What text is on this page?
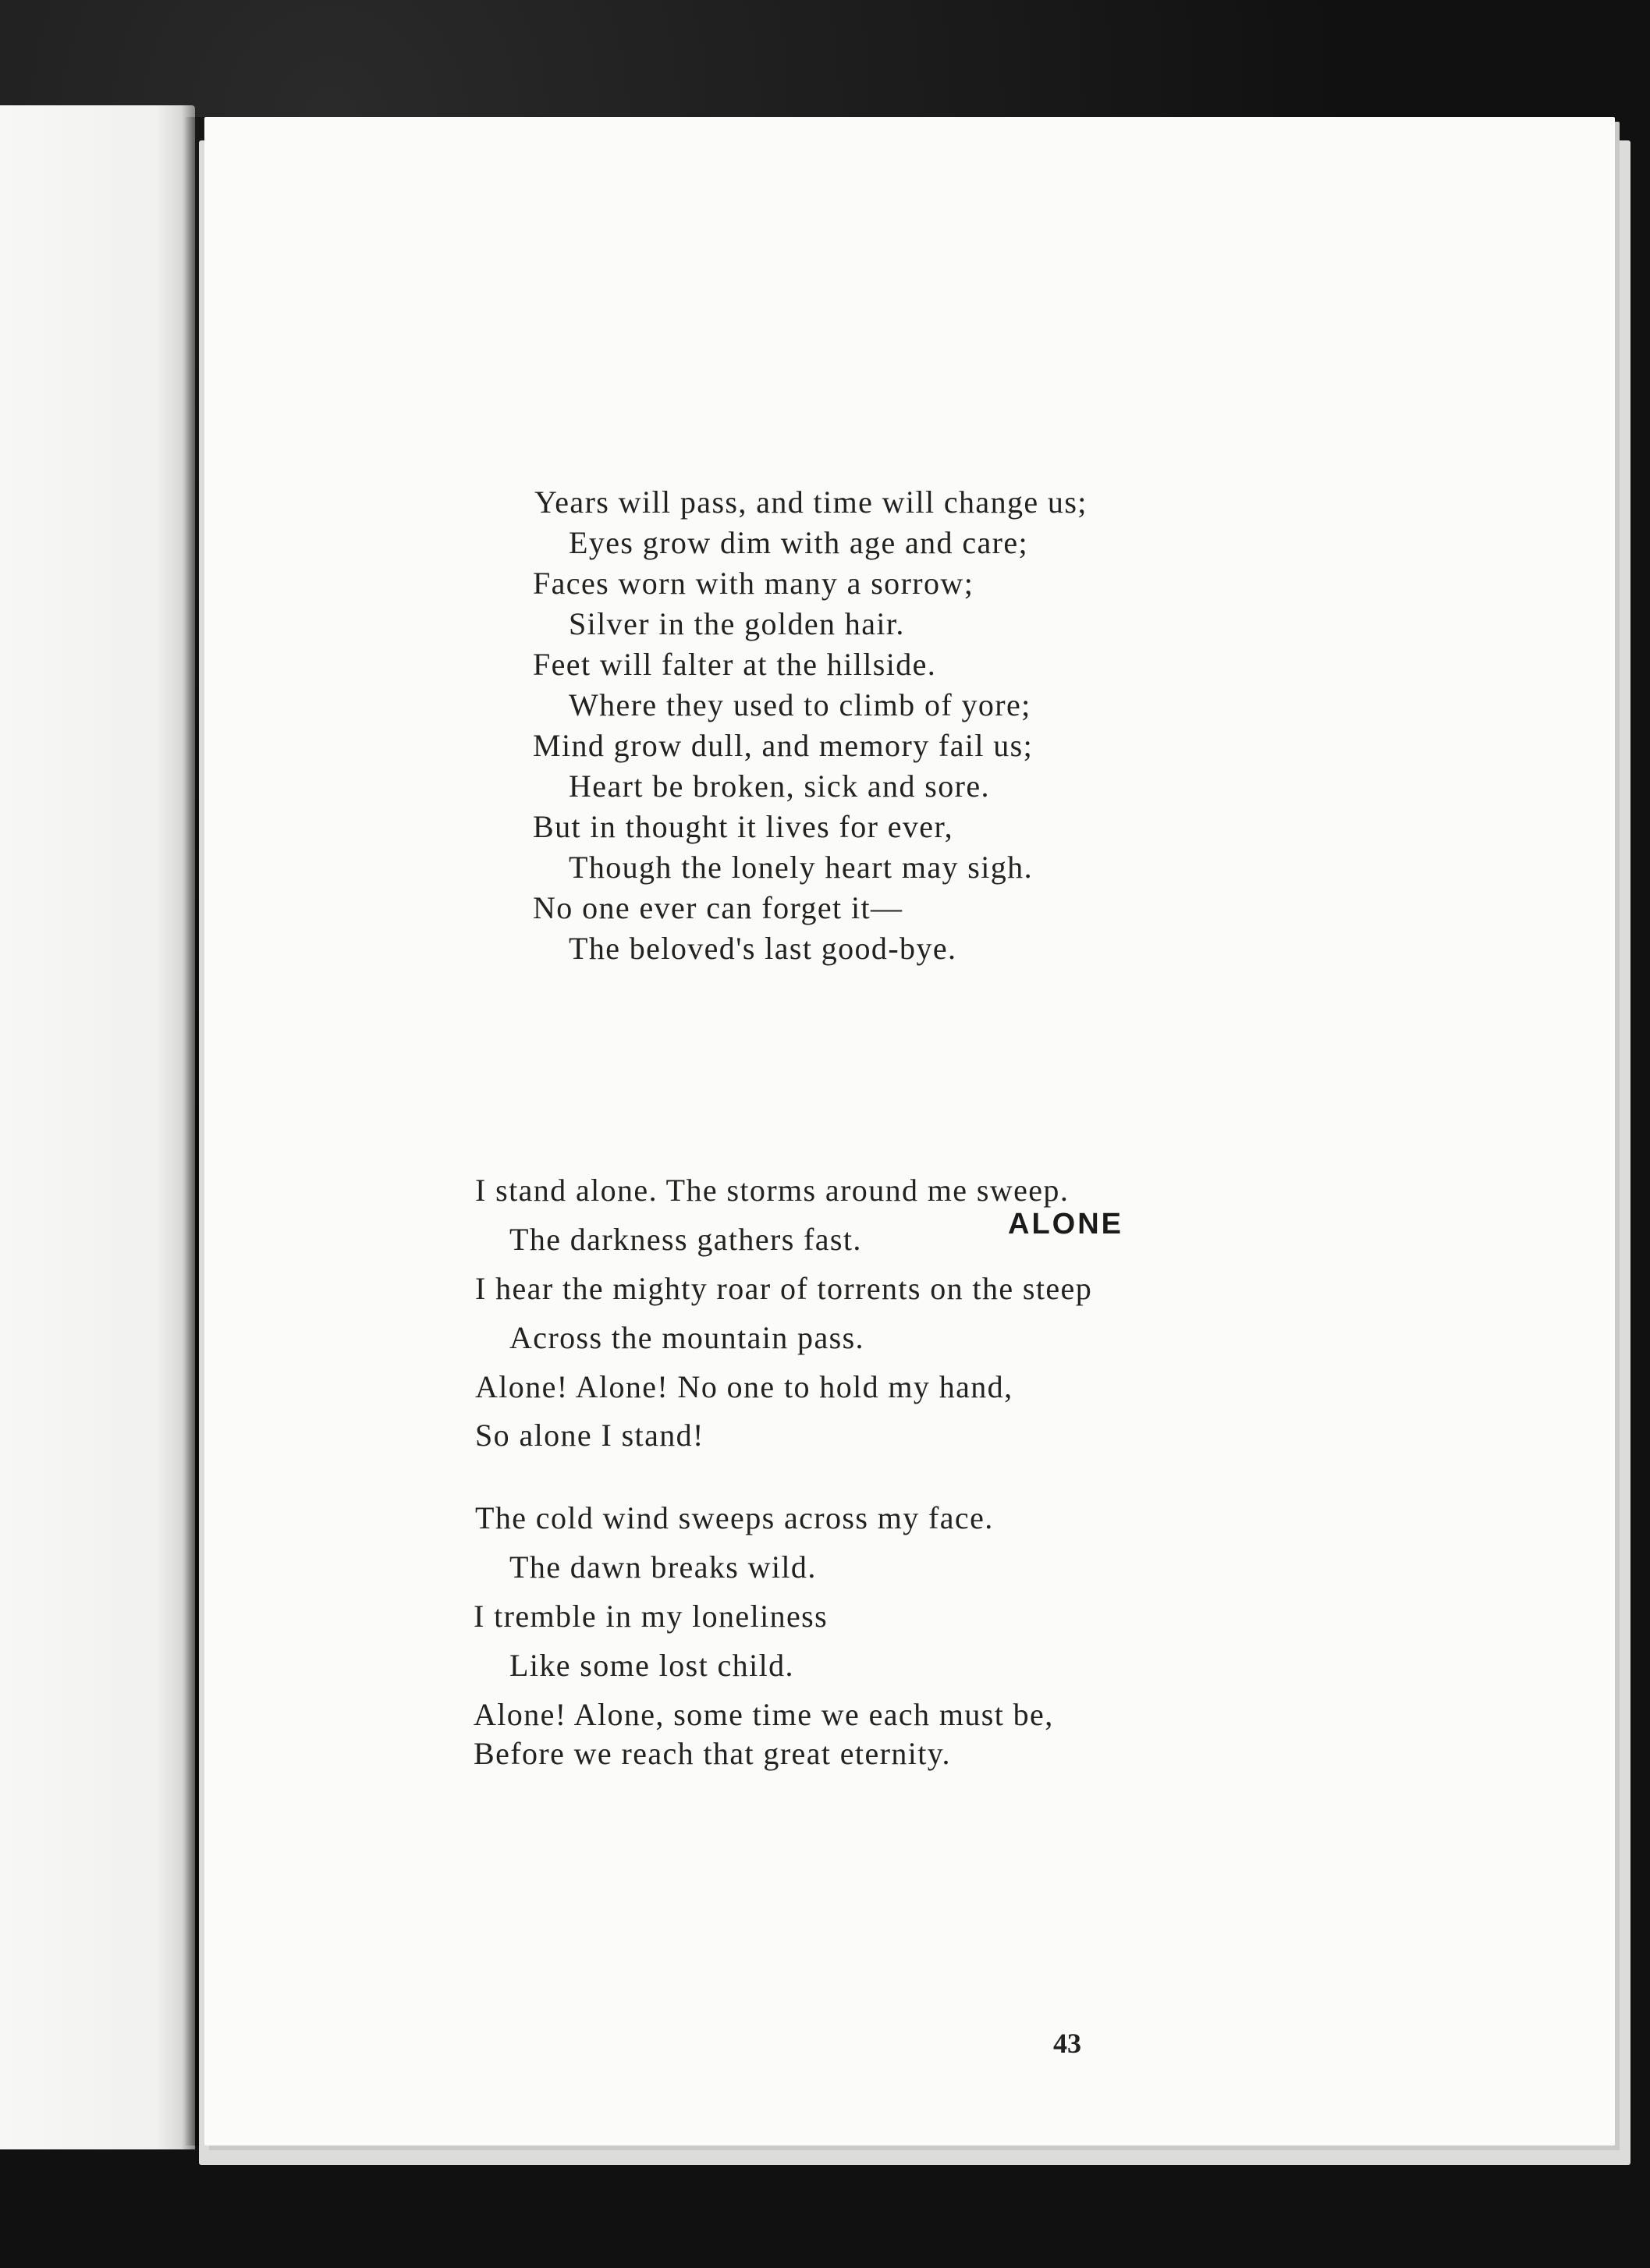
Years will pass, and time will change us;

Eyes grow dim with age and care;

Faces worn with many a sorrow;

Silver in the golden hair.

Feet will falter at the hillside.

Where they used to climb of yore;

Mind grow dull, and memory fail us;

Heart be broken, sick and sore.

But in thought it lives for ever,

Though the lonely heart may sigh.

No one ever can forget it—

The beloved's last good-bye.

ALONE

I stand alone. The storms around me sweep.

The darkness gathers fast.

I hear the mighty roar of torrents on the steep

Across the mountain pass.

Alone! Alone! No one to hold my hand,

So alone I stand!

The cold wind sweeps across my face.

The dawn breaks wild.

I tremble in my loneliness

Like some lost child.

Alone! Alone, some time we each must be,

Before we reach that great eternity.

43
